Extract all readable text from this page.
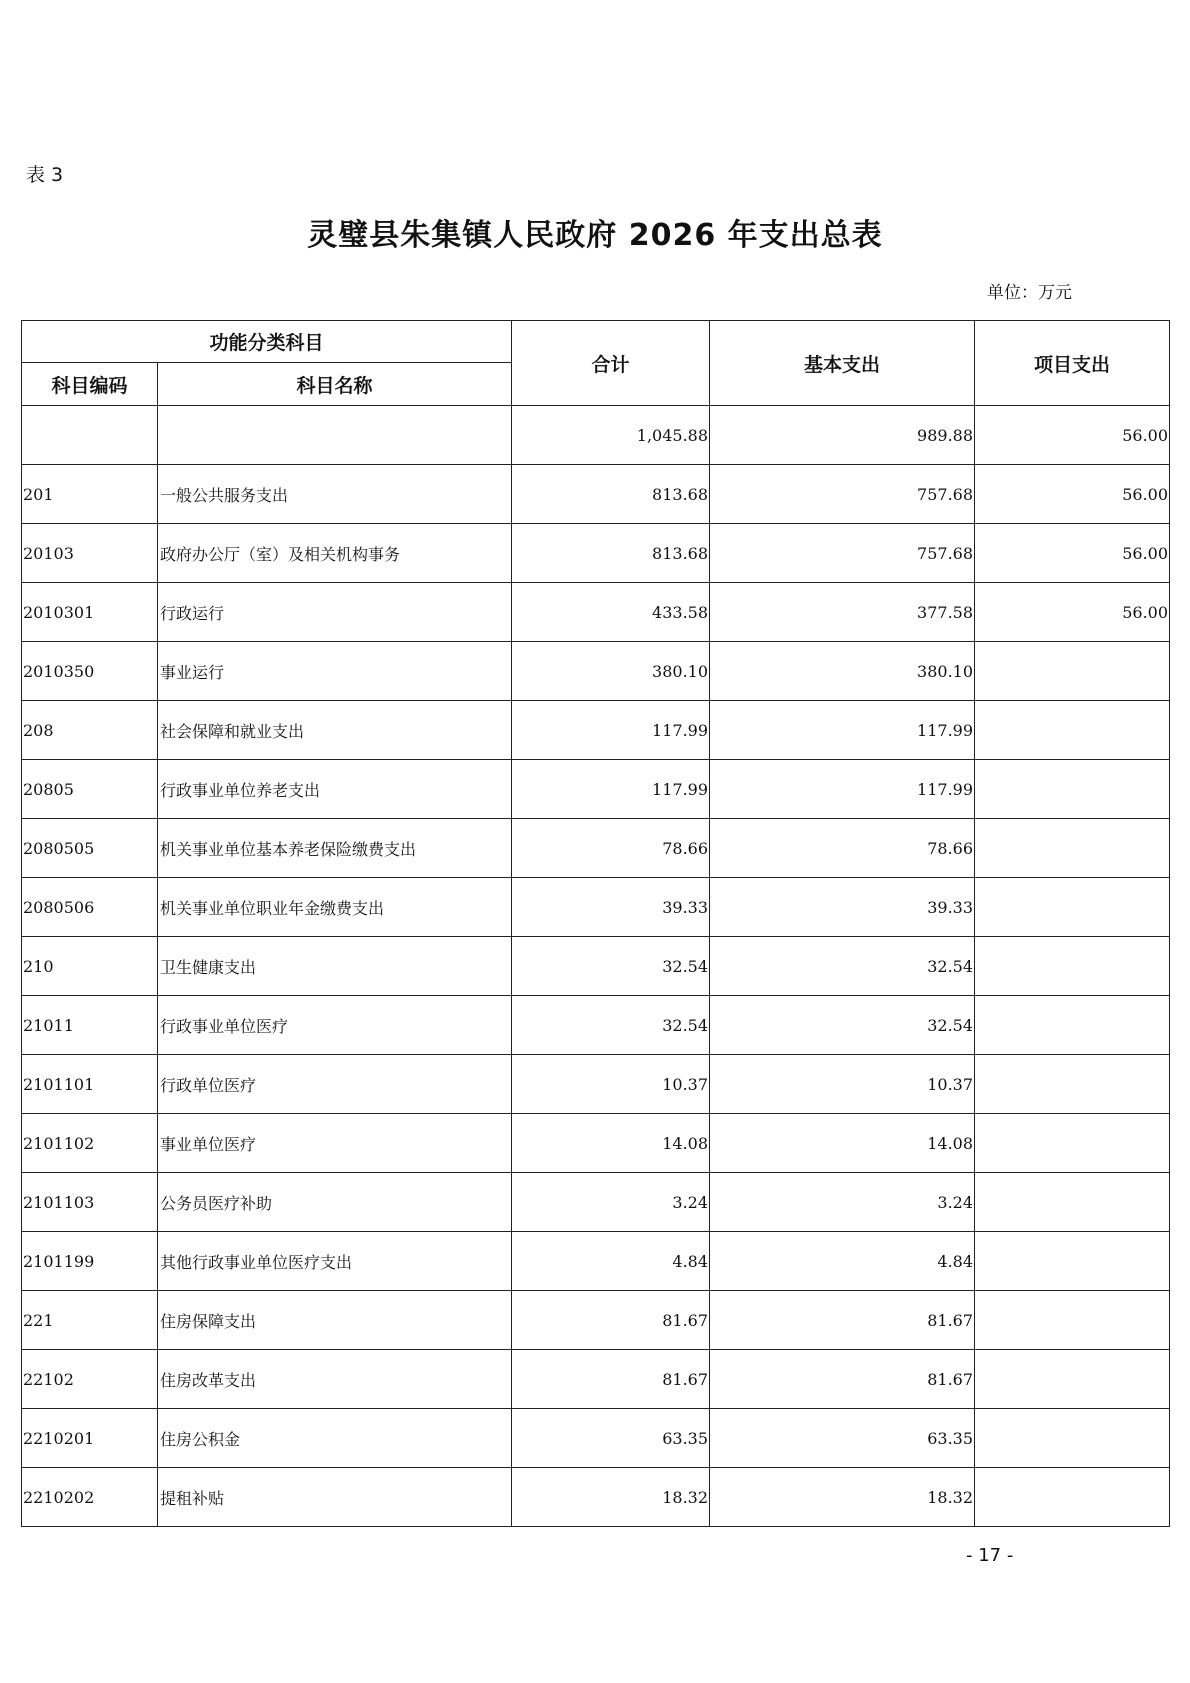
表 3
灵璧县朱集镇人民政府 2026 年支出总表
单位：万元
功能分类科目		合计	基本支出	项目支出
科目编码	科目名称			
		1,045.88	989.88	56.00
201	一般公共服务支出	813.68	757.68	56.00
20103	政府办公厅（室）及相关机构事务	813.68	757.68	56.00
2010301	行政运行	433.58	377.58	56.00
2010350	事业运行	380.10	380.10	
208	社会保障和就业支出	117.99	117.99	
20805	行政事业单位养老支出	117.99	117.99	
2080505	机关事业单位基本养老保险缴费支出	78.66	78.66	
2080506	机关事业单位职业年金缴费支出	39.33	39.33	
210	卫生健康支出	32.54	32.54	
21011	行政事业单位医疗	32.54	32.54	
2101101	行政单位医疗	10.37	10.37	
2101102	事业单位医疗	14.08	14.08	
2101103	公务员医疗补助	3.24	3.24	
2101199	其他行政事业单位医疗支出	4.84	4.84	
221	住房保障支出	81.67	81.67	
22102	住房改革支出	81.67	81.67	
2210201	住房公积金	63.35	63.35	
2210202	提租补贴	18.32	18.32	
- 17 -
